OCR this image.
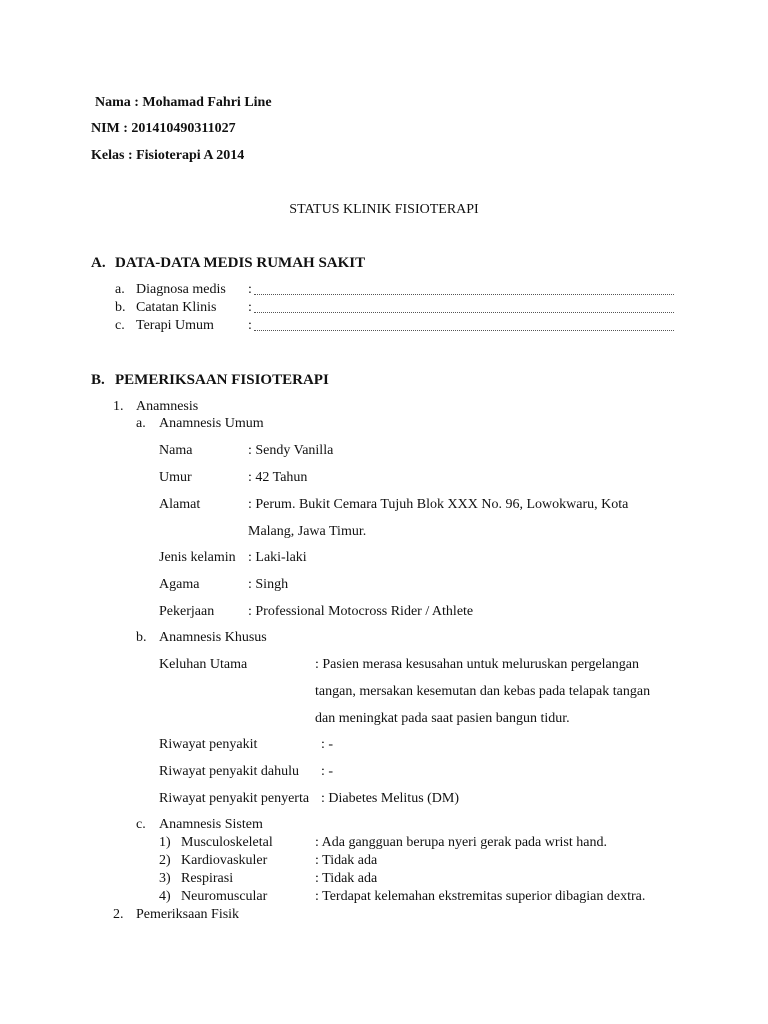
Nama : Mohamad Fahri Line
NIM : 201410490311027
Kelas : Fisioterapi A 2014
STATUS KLINIK FISIOTERAPI
A. DATA-DATA MEDIS RUMAH SAKIT
a. Diagnosa medis :
b. Catatan Klinis :
c. Terapi Umum :
B. PEMERIKSAAN FISIOTERAPI
1. Anamnesis
a. Anamnesis Umum
Nama	: Sendy Vanilla
Umur	: 42 Tahun
Alamat	: Perum. Bukit Cemara Tujuh Blok XXX No. 96, Lowokwaru, Kota
Malang, Jawa Timur.
Jenis kelamin : Laki-laki
Agama	: Singh
Pekerjaan : Professional Motocross Rider / Athlete
b. Anamnesis Khusus
Keluhan Utama	: Pasien merasa kesusahan untuk meluruskan pergelangan
tangan, mersakan kesemutan dan kebas pada telapak tangan
dan meningkat pada saat pasien bangun tidur.
Riwayat penyakit	: -
Riwayat penyakit dahulu : -
Riwayat penyakit penyerta : Diabetes Melitus (DM)
c. Anamnesis Sistem
1) Musculoskeletal	: Ada gangguan berupa nyeri gerak pada wrist hand.
2) Kardiovaskuler	: Tidak ada
3) Respirasi	: Tidak ada
4) Neuromuscular	: Terdapat kelemahan ekstremitas superior dibagian dextra.
2. Pemeriksaan Fisik
